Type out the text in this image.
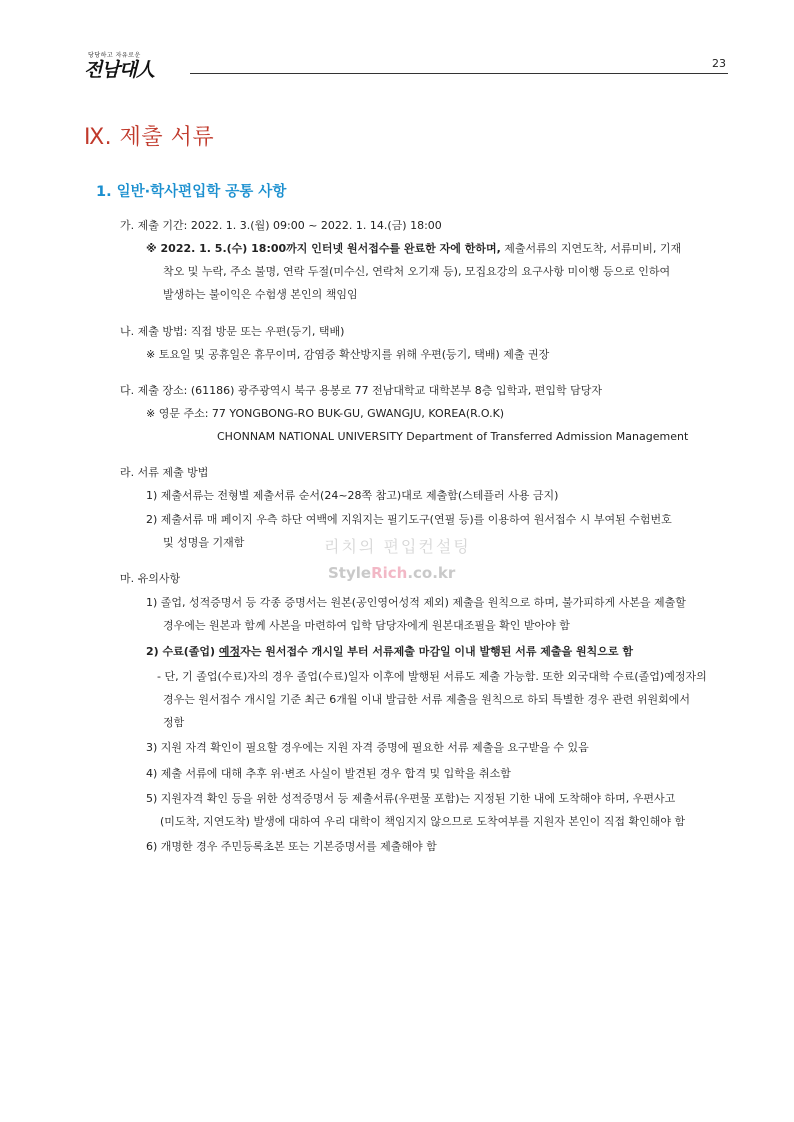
당당하고 자유로운
전남대人	23
Ⅸ. 제출 서류
1. 일반·학사편입학 공통 사항
가. 제출 기간: 2022. 1. 3.(월) 09:00 ~ 2022. 1. 14.(금) 18:00
※ 2022. 1. 5.(수) 18:00까지 인터넷 원서접수를 완료한 자에 한하며, 제출서류의 지연도착, 서류미비, 기재
착오 및 누락, 주소 불명, 연락 두절(미수신, 연락처 오기재 등), 모집요강의 요구사항 미이행 등으로 인하여
발생하는 불이익은 수험생 본인의 책임임
나. 제출 방법: 직접 방문 또는 우편(등기, 택배)
※ 토요일 및 공휴일은 휴무이며, 감염증 확산방지를 위해 우편(등기, 택배) 제출 권장
다. 제출 장소: (61186) 광주광역시 북구 용봉로 77 전남대학교 대학본부 8층 입학과, 편입학 담당자
※ 영문 주소: 77 YONGBONG-RO BUK-GU, GWANGJU, KOREA(R.O.K)
CHONNAM NATIONAL UNIVERSITY Department of Transferred Admission Management
라. 서류 제출 방법
1) 제출서류는 전형별 제출서류 순서(24~28쪽 참고)대로 제출함(스테플러 사용 금지)
2) 제출서류 매 페이지 우측 하단 여백에 지워지는 필기도구(연필 등)를 이용하여 원서접수 시 부여된 수험번호
및 성명을 기재함	리치의 편입컨설팅
StyleRich.co.kr
마. 유의사항
1) 졸업, 성적증명서 등 각종 증명서는 원본(공인영어성적 제외) 제출을 원칙으로 하며, 불가피하게 사본을 제출할
경우에는 원본과 함께 사본을 마련하여 입학 담당자에게 원본대조필을 확인 받아야 함
2) 수료(졸업) 예정자는 원서접수 개시일 부터 서류제출 마감일 이내 발행된 서류 제출을 원칙으로 함
- 단, 기 졸업(수료)자의 경우 졸업(수료)일자 이후에 발행된 서류도 제출 가능함. 또한 외국대학 수료(졸업)예정자의
경우는 원서접수 개시일 기준 최근 6개월 이내 발급한 서류 제출을 원칙으로 하되 특별한 경우 관련 위원회에서
정함
3) 지원 자격 확인이 필요할 경우에는 지원 자격 증명에 필요한 서류 제출을 요구받을 수 있음
4) 제출 서류에 대해 추후 위·변조 사실이 발견된 경우 합격 및 입학을 취소함
5) 지원자격 확인 등을 위한 성적증명서 등 제출서류(우편물 포함)는 지정된 기한 내에 도착해야 하며, 우편사고
(미도착, 지연도착) 발생에 대하여 우리 대학이 책임지지 않으므로 도착여부를 지원자 본인이 직접 확인해야 함
6) 개명한 경우 주민등록초본 또는 기본증명서를 제출해야 함
